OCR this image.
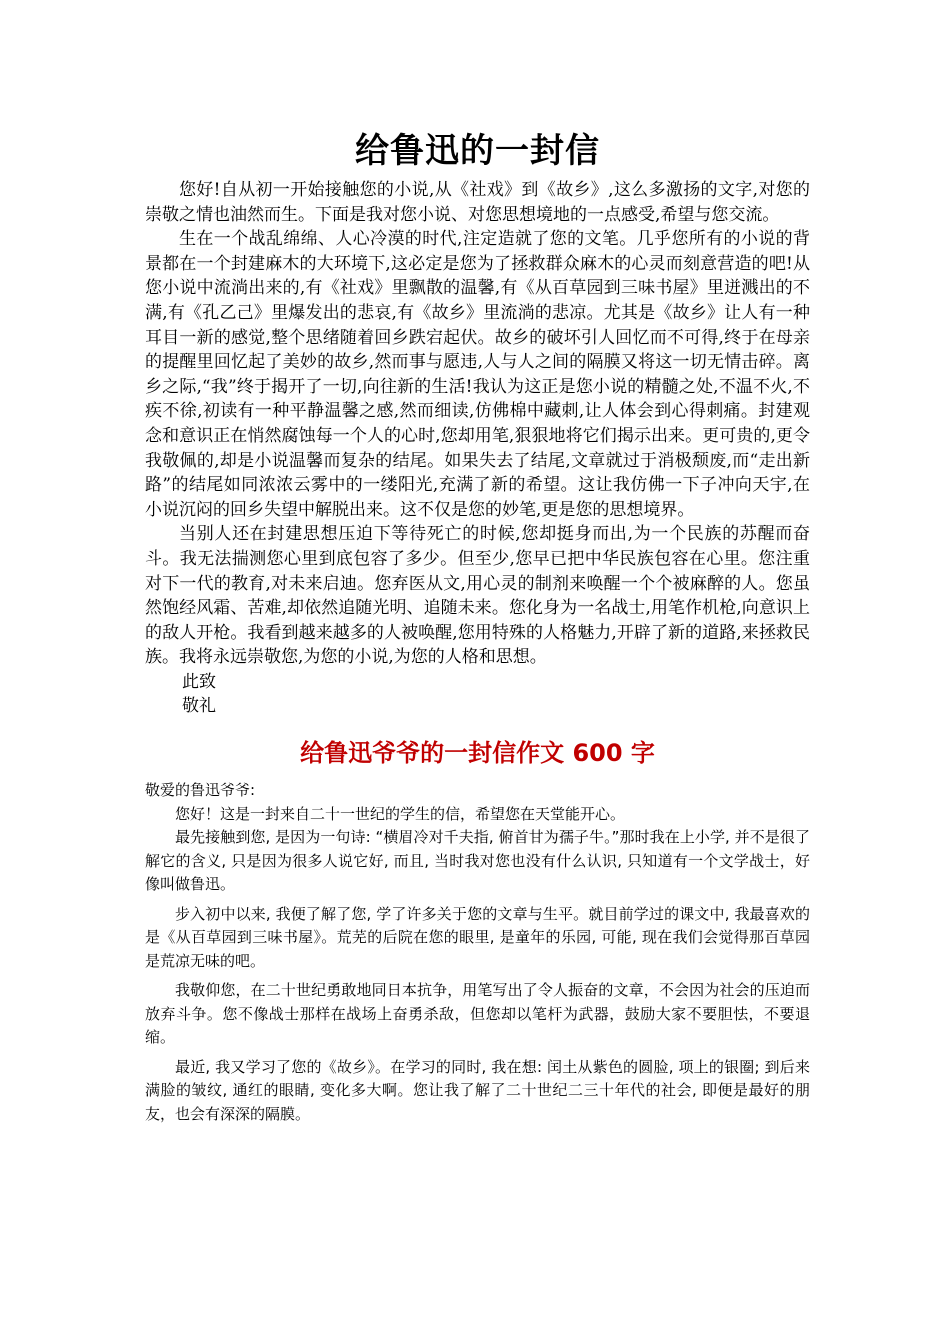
给鲁迅的一封信

您好!自从初一开始接触您的小说,从《社戏》到《故乡》,这么多激扬的文字,对您的崇敬之情也油然而生。下面是我对您小说、对您思想境地的一点感受,希望与您交流。

生在一个战乱绵绵、人心冷漠的时代,注定造就了您的文笔。几乎您所有的小说的背景都在一个封建麻木的大环境下,这必定是您为了拯救群众麻木的心灵而刻意营造的吧!从您小说中流淌出来的,有《社戏》里飘散的温馨,有《从百草园到三味书屋》里迸溅出的不满,有《孔乙己》里爆发出的悲哀,有《故乡》里流淌的悲凉。尤其是《故乡》让人有一种耳目一新的感觉,整个思绪随着回乡跌宕起伏。故乡的破坏引人回忆而不可得,终于在母亲的提醒里回忆起了美妙的故乡,然而事与愿违,人与人之间的隔膜又将这一切无情击碎。离乡之际,“我”终于揭开了一切,向往新的生活!我认为这正是您小说的精髓之处,不温不火,不疾不徐,初读有一种平静温馨之感,然而细读,仿佛棉中藏刺,让人体会到心得刺痛。封建观念和意识正在悄然腐蚀每一个人的心时,您却用笔,狠狠地将它们揭示出来。更可贵的,更令我敬佩的,却是小说温馨而复杂的结尾。如果失去了结尾,文章就过于消极颓废,而“走出新路”的结尾如同浓浓云雾中的一缕阳光,充满了新的希望。这让我仿佛一下子冲向天宇,在小说沉闷的回乡失望中解脱出来。这不仅是您的妙笔,更是您的思想境界。

当别人还在封建思想压迫下等待死亡的时候,您却挺身而出,为一个民族的苏醒而奋斗。我无法揣测您心里到底包容了多少。但至少,您早已把中华民族包容在心里。您注重对下一代的教育,对未来启迪。您弃医从文,用心灵的制剂来唤醒一个个被麻醉的人。您虽然饱经风霜、苦难,却依然追随光明、追随未来。您化身为一名战士,用笔作机枪,向意识上的敌人开枪。我看到越来越多的人被唤醒,您用特殊的人格魅力,开辟了新的道路,来拯救民族。我将永远崇敬您,为您的小说,为您的人格和思想。

此致

敬礼

给鲁迅爷爷的一封信作文 600 字

敬爱的鲁迅爷爷:

您好！这是一封来自二十一世纪的学生的信，希望您在天堂能开心。

最先接触到您, 是因为一句诗: “横眉冷对千夫指, 俯首甘为孺子牛。”那时我在上小学, 并不是很了解它的含义, 只是因为很多人说它好, 而且, 当时我对您也没有什么认识, 只知道有一个文学战士，好像叫做鲁迅。

步入初中以来, 我便了解了您, 学了许多关于您的文章与生平。就目前学过的课文中, 我最喜欢的是《从百草园到三味书屋》。荒芜的后院在您的眼里, 是童年的乐园, 可能, 现在我们会觉得那百草园是荒凉无味的吧。

我敬仰您，在二十世纪勇敢地同日本抗争，用笔写出了令人振奋的文章，不会因为社会的压迫而放弃斗争。您不像战士那样在战场上奋勇杀敌，但您却以笔杆为武器，鼓励大家不要胆怯，不要退缩。

最近, 我又学习了您的《故乡》。在学习的同时, 我在想: 闰土从紫色的圆脸, 项上的银圈; 到后来满脸的皱纹, 通红的眼睛, 变化多大啊。您让我了解了二十世纪二三十年代的社会, 即便是最好的朋友，也会有深深的隔膜。
